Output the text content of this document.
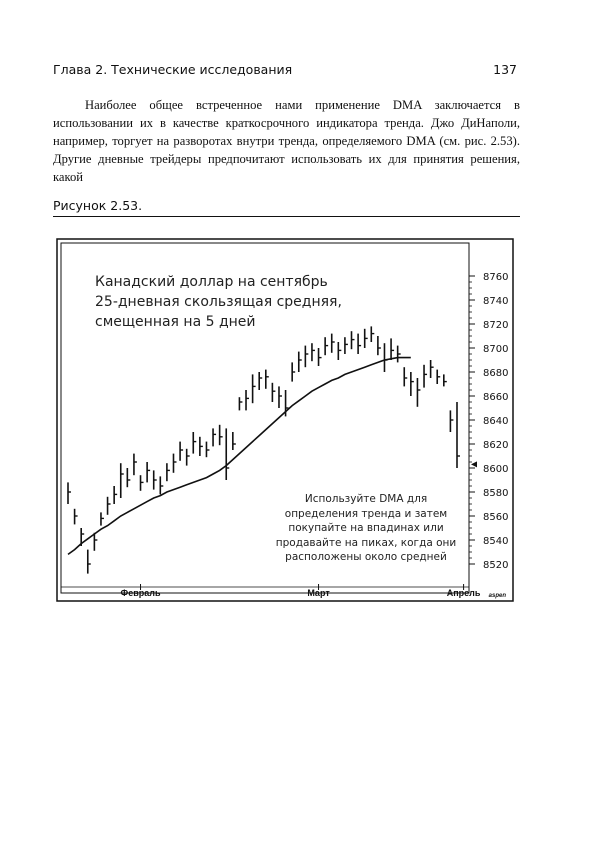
Глава 2. Технические исследования	137

Наиболее общее встреченное нами применение DMA заключается в использовании их в качестве краткосрочного индикатора тренда. Джо ДиНаполи, например, торгует на разворотах внутри тренда, определяемого DMA (см. рис. 2.53). Другие дневные трейдеры предпочитают использовать их для принятия решения, какой

Рисунок 2.53.
8520
8540
8560
8580
8600
8620
8640
8660
8680
8700
8720
8740
8760
Февраль	Март	Апрель aspen
Канадский доллар на сентябрь
25-дневная скользящая средняя,
смещенная на 5 дней
Используйте DMA для определения тренда и затем покупайте на впадинах или продавайте на пиках, когда они расположены около средней
